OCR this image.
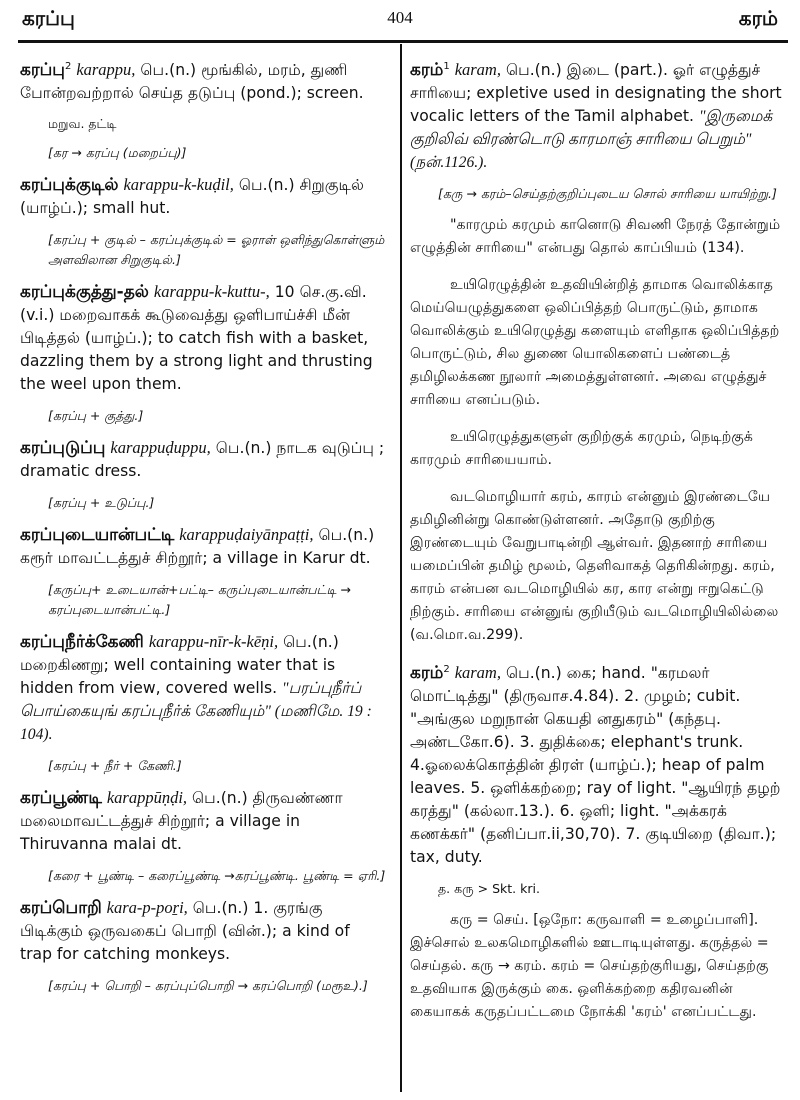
கரப்பு	404	கரம்
கரப்பு$^2$ karappu, பெ.(n.) மூங்கில், மரம், துணி போன்றவற்றால் செய்த தடுப்பு (pond.); screen.
மறுவ. தட்டி
[கர → கரப்பு (மறைப்பு)]
கரப்புக்குடில் karappu-k-kuḍil, பெ.(n.) சிறுகுடில் (யாழ்ப்.); small hut.
[கரப்பு + குடில் – கரப்புக்குடில் = ஓராள் ஒளிந்துகொள்ளும் அளவிலான சிறுகுடில்.]
கரப்புக்குத்து-தல் karappu-k-kuttu-, 10 செ.கு.வி. (v.i.) மறைவாகக் கூடுவைத்து ஒளிபாய்ச்சி மீன் பிடித்தல் (யாழ்ப்.); to catch fish with a basket, dazzling them by a strong light and thrusting the weel upon them.
[கரப்பு + குத்து.]
கரப்புடுப்பு karappuḍuppu, பெ.(n.) நாடக வுடுப்பு ; dramatic dress.
[கரப்பு + உடுப்பு.]
கரப்புடையான்பட்டி karappuḍaiyānpaṭṭi, பெ.(n.) கரூர் மாவட்டத்துச் சிற்றூர்; a village in Karur dt.
[கருப்பு+ உடையான்+பட்டி– கருப்புடையான்பட்டி → கரப்புடையான்பட்டி.]
கரப்புநீர்க்கேணி karappu-nīr-k-kēṇi, பெ.(n.) மறைகிணறு; well containing water that is hidden from view, covered wells. "பரப்புநீர்ப் பொய்கையுங் கரப்புநீர்க் கேணியும்" (மணிமே. 19 : 104).
[கரப்பு + நீர் + கேணி.]
கரப்பூண்டி karappūṇḍi, பெ.(n.) திருவண்ணா மலைமாவட்டத்துச் சிற்றூர்; a village in Thiruvanna malai dt.
[கரை + பூண்டி – கரைப்பூண்டி →கரப்பூண்டி. பூண்டி = ஏரி.]
கரப்பொறி kara-p-poṟi, பெ.(n.) 1. குரங்கு பிடிக்கும் ஒருவகைப் பொறி (வின்.); a kind of trap for catching monkeys.
[கரப்பு + பொறி – கரப்புப்பொறி → கரப்பொறி (மரூஉ).]
கரம்$^1$ karam, பெ.(n.) இடை (part.). ஓர் எழுத்துச் சாரியை; expletive used in designating the short vocalic letters of the Tamil alphabet. "இருமைக் குறிலிவ் விரண்டொடு காரமாஞ் சாரியை பெறும்" (நன்.1126.).
[கரு → கரம்–செய்தற்குறிப்புடைய சொல் சாரியை யாயிற்று.]
"காரமும் கரமும் கானொடு சிவணி நேரத் தோன்றும் எழுத்தின் சாரியை" என்பது தொல் காப்பியம் (134).
உயிரெழுத்தின் உதவியின்றித் தாமாக வொலிக்காத மெய்யெழுத்துகளை ஒலிப்பித்தற் பொருட்டும், தாமாக வொலிக்கும் உயிரெழுத்து களையும் எளிதாக ஒலிப்பித்தற் பொருட்டும், சில துணை யொலிகளைப் பண்டைத் தமிழிலக்கண நூலார் அமைத்துள்ளனர். அவை எழுத்துச் சாரியை எனப்படும்.
உயிரெழுத்துகளுள் குறிற்குக் கரமும், நெடிற்குக் காரமும் சாரியையாம்.
வடமொழியார் கரம், காரம் என்னும் இரண்டையே தமிழினின்று கொண்டுள்ளனர். அதோடு குறிற்கு இரண்டையும் வேறுபாடின்றி ஆள்வர். இதனாற் சாரியை யமைப்பின் தமிழ் மூலம், தெளிவாகத் தெரிகின்றது. கரம், காரம் என்பன வடமொழியில் கர, கார என்று ஈறுகெட்டு நிற்கும். சாரியை என்னுங் குறியீடும் வடமொழியிலில்லை (வ.மொ.வ.299).
கரம்$^2$ karam, பெ.(n.) கை; hand. "கரமலர் மொட்டித்து" (திருவாச.4.84). 2. முழம்; cubit. "அங்குல மறுநான் கெயதி னதுகரம்" (கந்தபு. அண்டகோ.6). 3. துதிக்கை; elephant's trunk. 4.ஓலைக்கொத்தின் திரள் (யாழ்ப்.); heap of palm leaves. 5. ஒளிக்கற்றை; ray of light. "ஆயிரந் தழற் கரத்து" (கல்லா.13.). 6. ஒளி; light. "அக்கரக் கணக்கர்" (தனிப்பா.ii,30,70). 7. குடியிறை (திவா.); tax, duty.
த. கரு > Skt. kri.
கரு = செய். [ஒநோ: கருவாளி = உழைப்பாளி]. இச்சொல் உலகமொழிகளில் ஊடாடியுள்ளது. கருத்தல் = செய்தல். கரு → கரம். கரம் = செய்தற்குரியது, செய்தற்கு உதவியாக இருக்கும் கை. ஒளிக்கற்றை கதிரவனின் கையாகக் கருதப்பட்டமை நோக்கி 'கரம்' எனப்பட்டது.
